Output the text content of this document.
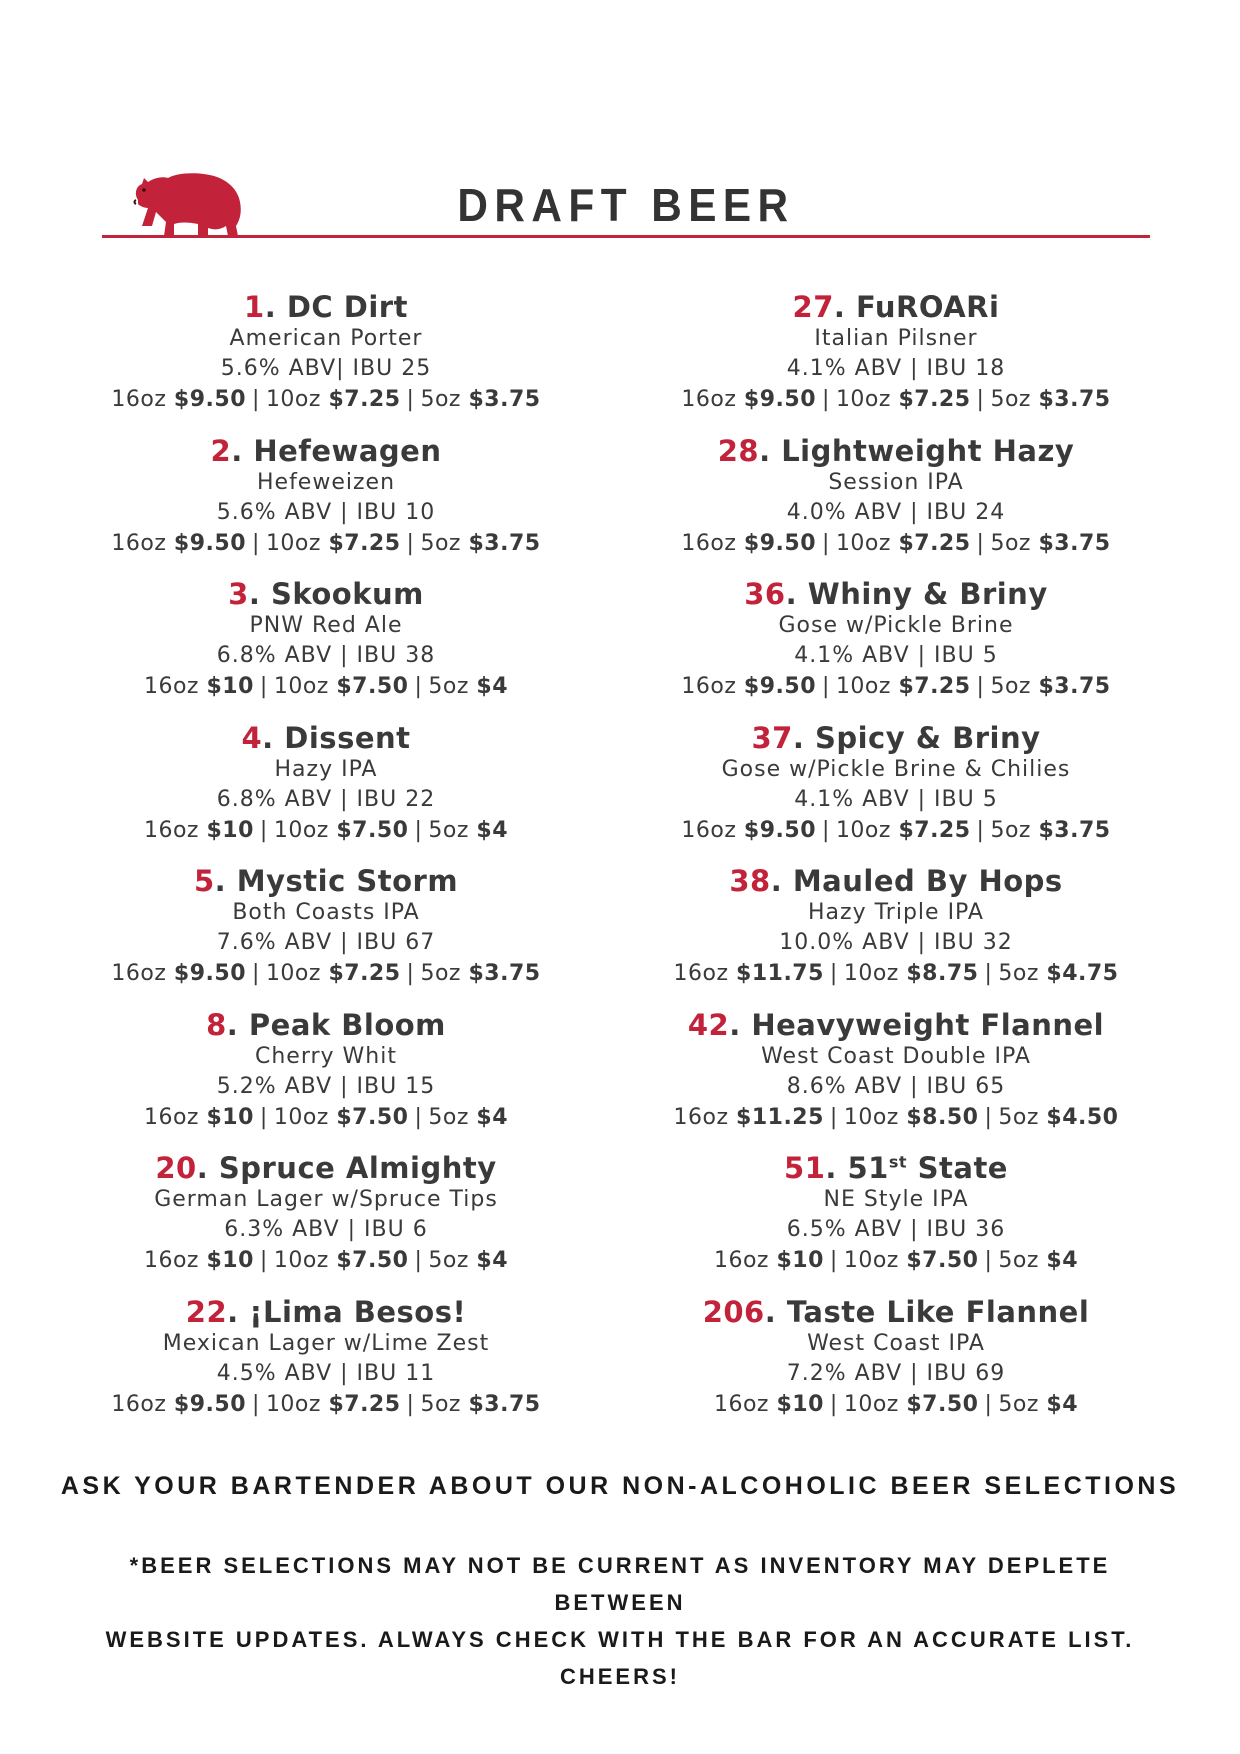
DRAFT BEER
1. DC Dirt
American Porter
5.6% ABV| IBU 25
16oz $9.50 | 10oz $7.25 | 5oz $3.75
2. Hefewagen
Hefeweizen
5.6% ABV | IBU 10
16oz $9.50 | 10oz $7.25 | 5oz $3.75
3. Skookum
PNW Red Ale
6.8% ABV | IBU 38
16oz $10 | 10oz $7.50 | 5oz $4
4. Dissent
Hazy IPA
6.8% ABV | IBU 22
16oz $10 | 10oz $7.50 | 5oz $4
5. Mystic Storm
Both Coasts IPA
7.6% ABV | IBU 67
16oz $9.50 | 10oz $7.25 | 5oz $3.75
8. Peak Bloom
Cherry Whit
5.2% ABV | IBU 15
16oz $10 | 10oz $7.50 | 5oz $4
20. Spruce Almighty
German Lager w/Spruce Tips
6.3% ABV | IBU 6
16oz $10 | 10oz $7.50 | 5oz $4
22. ¡Lima Besos!
Mexican Lager w/Lime Zest
4.5% ABV | IBU 11
16oz $9.50 | 10oz $7.25 | 5oz $3.75
27. FuROARi
Italian Pilsner
4.1% ABV | IBU 18
16oz $9.50 | 10oz $7.25 | 5oz $3.75
28. Lightweight Hazy
Session IPA
4.0% ABV | IBU 24
16oz $9.50 | 10oz $7.25 | 5oz $3.75
36. Whiny & Briny
Gose w/Pickle Brine
4.1% ABV | IBU 5
16oz $9.50 | 10oz $7.25 | 5oz $3.75
37. Spicy & Briny
Gose w/Pickle Brine & Chilies
4.1% ABV | IBU 5
16oz $9.50 | 10oz $7.25 | 5oz $3.75
38. Mauled By Hops
Hazy Triple IPA
10.0% ABV | IBU 32
16oz $11.75 | 10oz $8.75 | 5oz $4.75
42. Heavyweight Flannel
West Coast Double IPA
8.6% ABV | IBU 65
16oz $11.25 | 10oz $8.50 | 5oz $4.50
51. 51st State
NE Style IPA
6.5% ABV | IBU 36
16oz $10 | 10oz $7.50 | 5oz $4
206. Taste Like Flannel
West Coast IPA
7.2% ABV | IBU 69
16oz $10 | 10oz $7.50 | 5oz $4
ASK YOUR BARTENDER ABOUT OUR NON-ALCOHOLIC BEER SELECTIONS
*BEER SELECTIONS MAY NOT BE CURRENT AS INVENTORY MAY DEPLETE BETWEEN
WEBSITE UPDATES. ALWAYS CHECK WITH THE BAR FOR AN ACCURATE LIST. CHEERS!
